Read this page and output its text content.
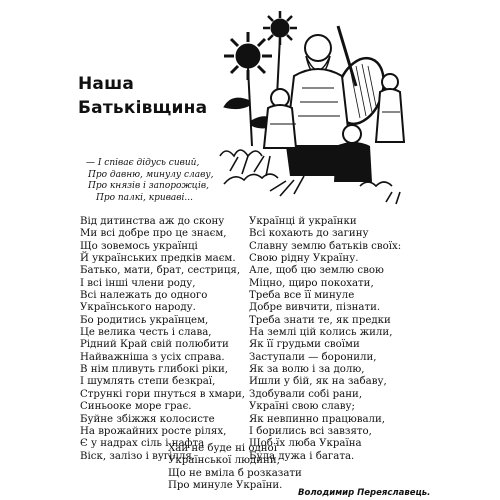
Наша
Батьківщина
— І співає дідусь сивий,
Про давню, минулу славу,
Про князів і запорожців,
Про палкі, криваві...
Від дитинства аж до скону
Ми всі добре про це знаєм,
Що зовемось українці
Й українських предків маєм.
Батько, мати, брат, сестриця,
І всі інші члени роду,
Всі належать до одного
Українського народу.
Бо родитись українцем,
Це велика честь і слава,
Рідний Край свій полюбити
Найважніша з усіх справа.
В нім пливуть глибокі ріки,
І шумлять степи безкраї,
Стрункі гори пнуться в хмари,
Синьооке море грає.
Буйне збіжжя колосисте
На врожайних росте рілях,
Є у надрах сіль і нафта
Віск, залізо і вугілля.
Українці й українки
Всі кохають до загину
Славну землю батьків своїх:
Свою рідну Україну.
Але, щоб цю землю свою
Міцно, щиро покохати,
Треба все її минуле
Добре вивчити, пізнати.
Треба знати те, як предки
На землі цій колись жили,
Як її грудьми своїми
Заступали — боронили,
Як за волю і за долю,
Ишли у бій, як на забаву,
Здобували собі рани,
Україні свою славу;
Як невпинно працювали,
І борились всі завзято,
Щоб їх люба Україна
Була дужа і багата.
Хай не буде ні одної
Української людини,
Що не вміла б розказати
Про минуле України.
Володимир Переяславець.
